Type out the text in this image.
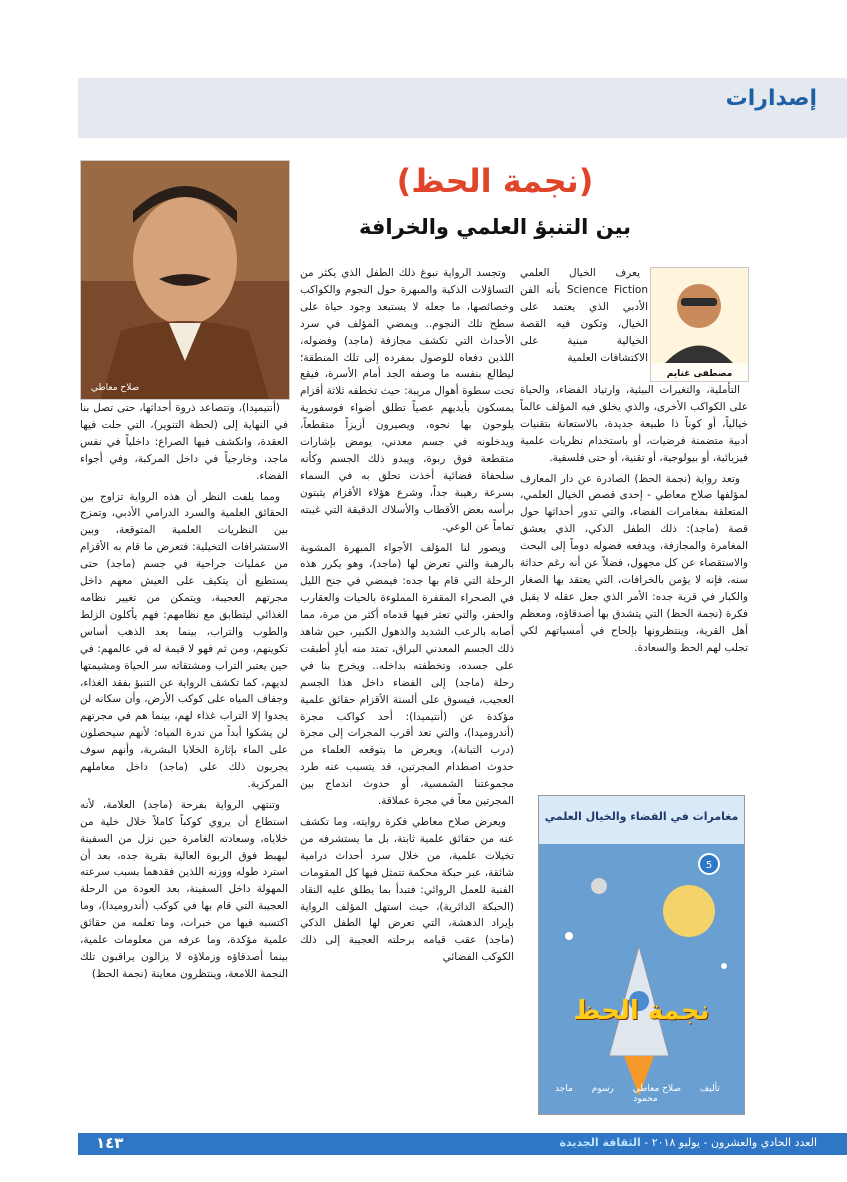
إصدارات
(نجمة الحظ)
بين التنبؤ العلمي والخرافة
صلاح معاطي
مصطفى غنايم

يعرف الخيال العلمي Science Fiction بأنه الفن الأدبي الذي يعتمد على الخيال، وتكون فيه القصة الخيالية مبنية على الاكتشافات العلمية

التأملية، والتغيرات البيئية، وارتياد الفضاء، والحياة على الكواكب الأخرى، والذي يخلق فيه المؤلف عالماً خيالياً، أو كوناً ذا طبيعة جديدة، بالاستعانة بتقنيات أدبية متضمنة فرضيات، أو باستخدام نظريات علمية فيزيائية، أو بيولوجية، أو تقنية، أو حتى فلسفية.

وتعد رواية (نجمة الحظ) الصادرة عن دار المعارف لمؤلفها صلاح معاطي - إحدى قصص الخيال العلمي، المتعلقة بمغامرات الفضاء، والتي تدور أحداثها حول قصة (ماجد): ذلك الطفل الذكي، الذي يعشق المغامرة والمجازفة، ويدفعه فضوله دوماً إلى البحث والاستقصاء عن كل مجهول، فضلاً عن أنه رغم حداثة سنه، فإنه لا يؤمن بالخرافات، التي يعتقد بها الصغار والكبار في قرية جده: الأمر الذي جعل عقله لا يقبل فكرة (نجمة الحظ) التي يتشدق بها أصدقاؤه، ومعظم أهل القرية، وينتظرونها بإلحاح في أمسياتهم لكي تجلب لهم الحظ والسعادة.

وتجسد الرواية نبوغ ذلك الطفل الذي يكثر من التساؤلات الذكية والمبهرة حول النجوم والكواكب وخصائصها، ما جعله لا يستبعد وجود حياة على سطح تلك النجوم.. ويمضي المؤلف في سرد الأحداث التي تكشف مجازفة (ماجد) وفضوله، اللذين دفعاه للوصول بمفرده إلى تلك المنطقة؛ ليطالع بنفسه ما وصفه الجد أمام الأسرة، فيقع تحت سطوة أهوال مريبة: حيث تخطفه ثلاثة أقزام يمسكون بأيديهم عصياً تطلق أضواء فوسفورية يلوحون بها نحوه، ويصيرون أزيزاً متقطعاً، ويدخلونه في جسم معدني، يومض بإشارات متقطعة فوق ربوة، ويبدو ذلك الجسم وكأنه سلحفاة فضائية أخذت تحلق به في السماء بسرعة رهيبة جداً، وشرع هؤلاء الأقزام يثبتون برأسه بعض الأقطاب والأسلاك الدقيقة التي غيبته تماماً عن الوعي.

ويصور لنا المؤلف الأجواء المبهرة المشوبة بالرهبة والتي تعرض لها (ماجد)، وهو يكرر هذه الرحلة التي قام بها جده: فيمضي في جنح الليل في الصحراء المقفرة المملوءة بالحيات والعقارب والحفر، والتي تعثر فيها قدماه أكثر من مرة، مما أصابه بالرعب الشديد والذهول الكبير، حين شاهد ذلك الجسم المعدني البراق، تمتد منه أيادٍ أطبقت على جسده، وتخطفته بداخله.. ويخرج بنا في رحلة (ماجد) إلى الفضاء داخل هذا الجسم العجيب، فيسوق على ألسنة الأقزام حقائق علمية مؤكدة عن (أنتيميدا): أحد كواكب مجرة (أندروميدا)، والتي تعد أقرب المجرات إلى مجرة (درب التبانة)، ويعرض ما يتوقعه العلماء من حدوث اصطدام المجرتين، قد يتسبب عنه طرد مجموعتنا الشمسية، أو حدوث اندماج بين المجرتين معاً في مجرة عملاقة.

ويعرض صلاح معاطي فكرة روايته، وما تكشف عنه من حقائق علمية ثابتة، بل ما يستشرفه من تخيلات علمية، من خلال سرد أحداث درامية شائقة، عبر حبكة محكمة تتمثل فيها كل المقومات الفنية للعمل الروائي: فتبدأ بما يطلق عليه النقاد (الحبكة الدائرية)، حيث استهل المؤلف الرواية بإيراد الدهشة، التي تعرض لها الطفل الذكي (ماجد) عقب قيامه برحلته العجيبة إلى ذلك الكوكب الفضائي

(أنتيميدا)، وتتصاعد ذروة أحداثها، حتى تصل بنا في النهاية إلى (لحظة التنوير)، التي حلت فيها العقدة، وانكشف فيها الصراع: داخلياً في نفس ماجد، وخارجياً في داخل المركبة، وفي أجواء الفضاء.

ومما يلفت النظر أن هذه الرواية تزاوج بين الحقائق العلمية والسرد الدرامي الأدبي، وتمزج بين النظريات العلمية المتوقعة، وبين الاستشرافات التخيلية: فتعرض ما قام به الأقزام من عمليات جراحية في جسم (ماجد) حتى يستطيع أن يتكيف على العيش معهم داخل مجرتهم العجيبة، ويتمكن من تغيير نظامه الغذائي ليتطابق مع نظامهم: فهم يأكلون الزلط والطوب والتراب، بينما يعد الذهب أساس تكوينهم، ومن ثم فهو لا قيمة له في عالمهم: في حين يعتبر التراب ومشتقاته سر الحياة ومشيمتها لديهم، كما تكشف الرواية عن التنبؤ بفقد الغذاء، وجفاف المياه على كوكب الأرض، وأن سكانه لن يجدوا إلا التراب غذاء لهم، بينما هم في مجرتهم لن يشكوا أبداً من ندرة المياه: لأنهم سيحصلون على الماء بإثارة الخلايا البشرية، وأنهم سوف يجربون ذلك على (ماجد) داخل معاملهم المركزية.

وتنتهي الرواية بفرحة (ماجد) العلامة، لأنه استطاع أن يروي كوكباً كاملاً خلال خلية من خلاياه، وسعادته الغامرة حين نزل من السفينة ليهبط فوق الربوة العالية بقرية جده، بعد أن استرد طوله ووزنه اللذين فقدهما بسبب سرعته المهولة داخل السفينة، بعد العودة من الرحلة العجيبة التي قام بها في كوكب (أندروميدا)، وما اكتسبه فيها من خبرات، وما تعلمه من حقائق علمية مؤكدة، وما عرفه من معلومات علمية، بينما أصدقاؤه وزملاؤه لا يزالون يراقبون تلك النجمة اللامعة، وينتظرون معاينة (نجمة الحظ)

مغامرات في الفضاء والخيال العلمي
5
نجمة الحظ
تأليف صلاح معاطي رسوم ماجد محمود
العدد الحادي والعشرون - يوليو ٢٠١٨ - الثقافة الجديدة
١٤٣
